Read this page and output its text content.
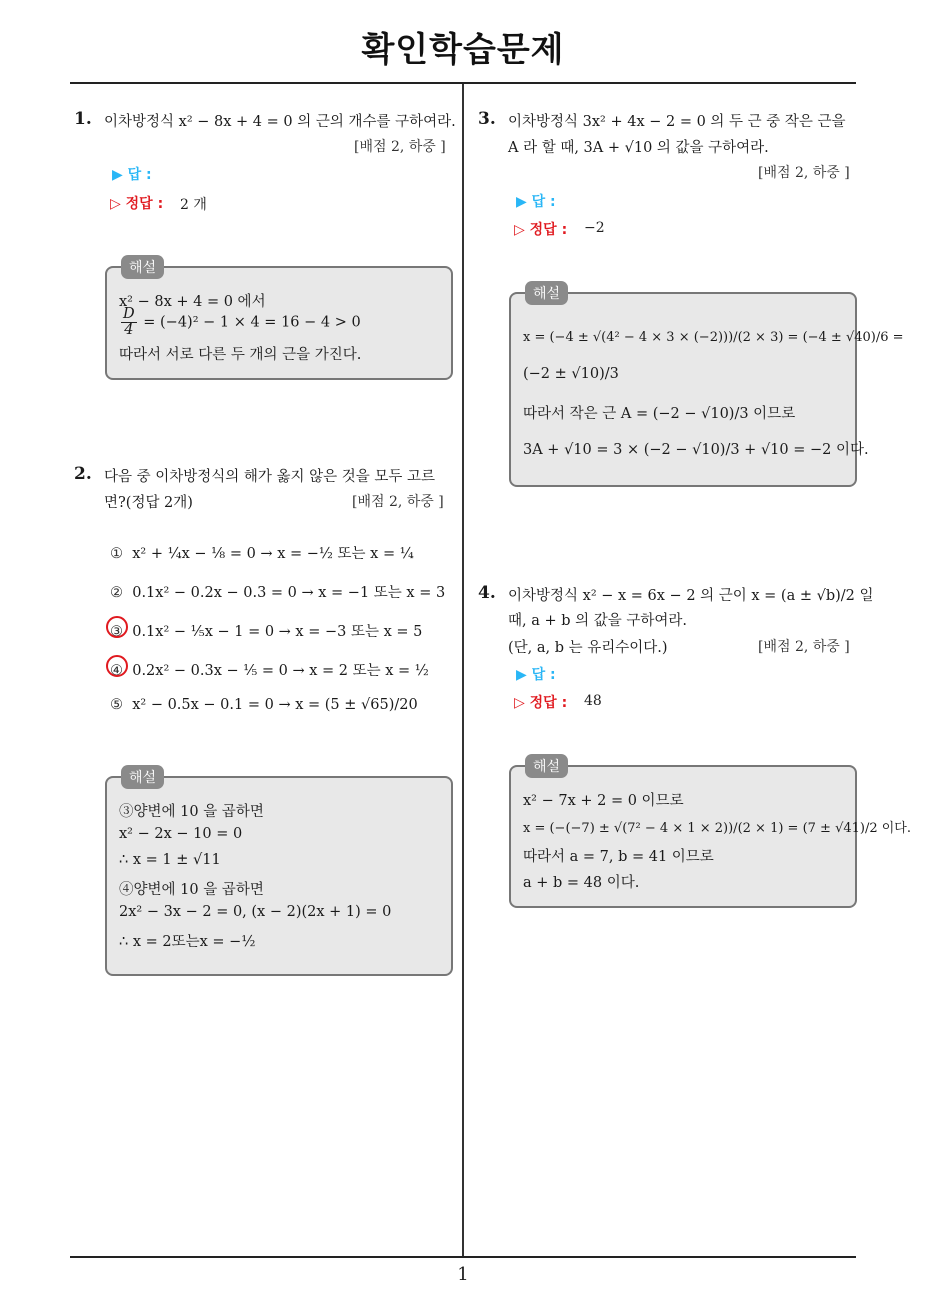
확인학습문제
1. 이차방정식 x² − 8x + 4 = 0 의 근의 개수를 구하여라.
[배점 2, 하중 ]
▶ 답 :
▷ 정답 : 2 개
해설
x² − 8x + 4 = 0 에서
$\frac{D}{4} = (-4)^2 - 1 \times 4 = 16 - 4 > 0$
따라서 서로 다른 두 개의 근을 가진다.
2. 다음 중 이차방정식의 해가 옳지 않은 것을 모두 고르
면?(정답 2개)	[배점 2, 하중 ]
① x² + ¼x − ⅛ = 0 → x = −½ 또는 x = ¼
② 0.1x² − 0.2x − 0.3 = 0 → x = −1 또는 x = 3
③ 0.1x² − ⅕x − 1 = 0 → x = −3 또는 x = 5
④ 0.2x² − 0.3x − ⅕ = 0 → x = 2 또는 x = ½
⑤ x² − 0.5x − 0.1 = 0 → x = (5 ± √65)/20
해설
③양변에 10 을 곱하면
x² − 2x − 10 = 0
∴ x = 1 ± √11
④양변에 10 을 곱하면
2x² − 3x − 2 = 0, (x − 2)(2x + 1) = 0
∴ x = 2또는x = −½
3. 이차방정식 3x² + 4x − 2 = 0 의 두 근 중 작은 근을
A 라 할 때, 3A + √10 의 값을 구하여라.
[배점 2, 하중 ]
▶ 답 :
▷ 정답 : −2
해설
x = (−4 ± √(4² − 4 × 3 × (−2)))/(2 × 3) = (−4 ± √40)/6 =
(−2 ± √10)/3
따라서 작은 근 A = (−2 − √10)/3 이므로
3A + √10 = 3 × (−2 − √10)/3 + √10 = −2 이다.
4. 이차방정식 x² − x = 6x − 2 의 근이 x = (a ± √b)/2 일
때, a + b 의 값을 구하여라.
(단, a, b 는 유리수이다.)	[배점 2, 하중 ]
▶ 답 :
▷ 정답 : 48
해설
x² − 7x + 2 = 0 이므로
x = (−(−7) ± √(7² − 4 × 1 × 2))/(2 × 1) = (7 ± √41)/2 이다.
따라서 a = 7, b = 41 이므로
a + b = 48 이다.
1
